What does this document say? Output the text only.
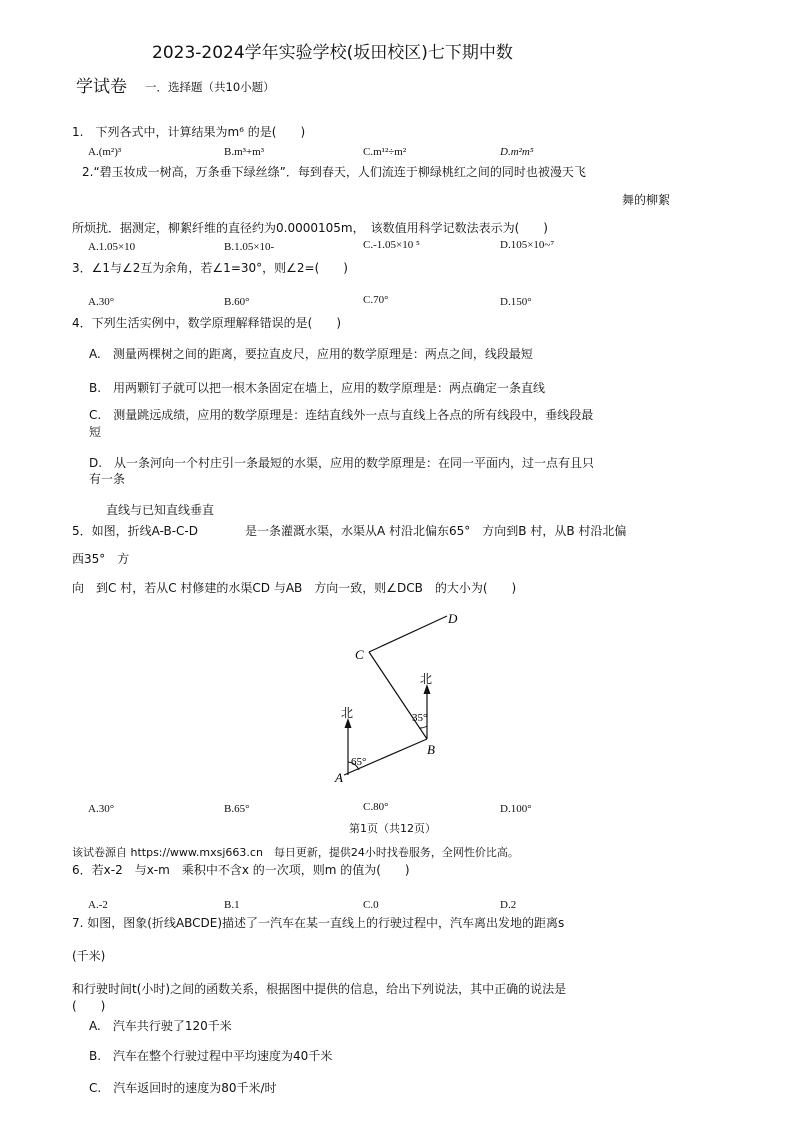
2023-2024学年实验学校(坂田校区)七下期中数
学试卷 一．选择题（共10小题）
1.　下列各式中，计算结果为m⁶ 的是(　　)
A.(m²)³	B.m³+m³	C.m¹²÷m²	D.m²m⁵
2.“碧玉妆成一树高，万条垂下绿丝绦”．每到春天，人们流连于柳绿桃红之间的同时也被漫天飞
舞的柳絮
所烦扰．据测定，柳絮纤维的直径约为0.0000105m，　该数值用科学记数法表示为(　　)
A.1.05×10	B.1.05×10-	C.-1.05×10 ⁵	D.105×10~⁷
3．∠1与∠2互为余角，若∠1=30°，则∠2=(　　)
A.30°	B.60°	C.70°	D.150°
4．下列生活实例中，数学原理解释错误的是(　　)
A.　测量两棵树之间的距离，要拉直皮尺，应用的数学原理是：两点之间，线段最短
B.　用两颗钉子就可以把一根木条固定在墙上，应用的数学原理是：两点确定一条直线
C.　测量跳远成绩，应用的数学原理是：连结直线外一点与直线上各点的所有线段中，垂线段最
短
D.　从一条河向一个村庄引一条最短的水渠，应用的数学原理是：在同一平面内，过一点有且只
有一条
直线与已知直线垂直
5．如图，折线A-B-C-D	是一条灌溉水渠，水渠从A 村沿北偏东65°　方向到B 村，从B 村沿北偏
西35°　方
向　到C 村，若从C 村修建的水渠CD 与AB　方向一致，则∠DCB　的大小为(　　)
A
B
C
D
北
北
65°
35°
A.30°	B.65°	C.80°	D.100°
第1页（共12页）
该试卷源自 https://www.mxsj663.cn　每日更新，提供24小时找卷服务，全网性价比高。
6．若x-2　与x-m　乘积中不含x 的一次项，则m 的值为(　　)
A.-2	B.1	C.0	D.2
7. 如图，图象(折线ABCDE)描述了一汽车在某一直线上的行驶过程中，汽车离出发地的距离s
(千米)
和行驶时间t(小时)之间的函数关系，根据图中提供的信息，给出下列说法，其中正确的说法是
(　　)
A.　汽车共行驶了120千米
B.　汽车在整个行驶过程中平均速度为40千米
C.　汽车返回时的速度为80千米/时
